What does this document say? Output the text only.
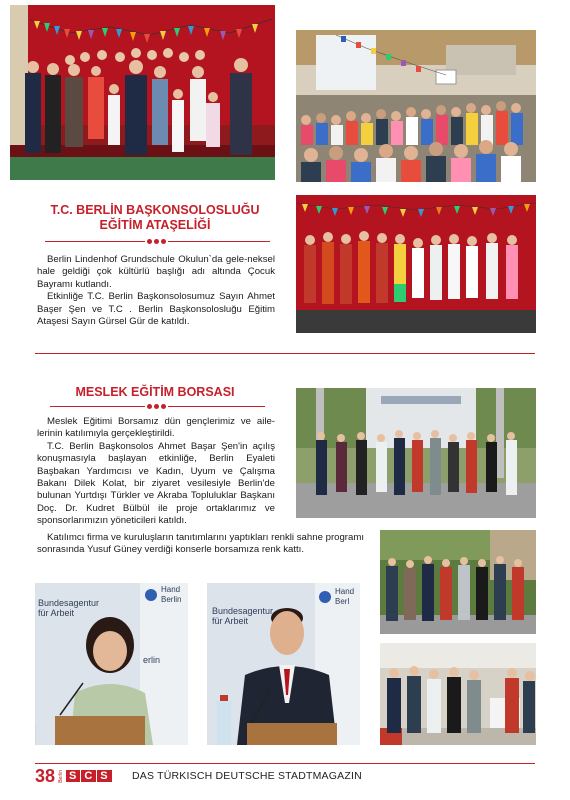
T.C. BERLİN BAŞKONSOLOSLUĞU
EĞİTİM ATAŞELİĞİ

Berlin Lindenhof Grundschule Okulun`da gele-neksel hale geldiği çok kültürlü başlığı adı altında Çocuk Bayramı kutlandı.

Etkinliğe T.C. Berlin Başkonsolosumuz Sayın Ahmet Başer Şen ve T.C . Berlin Başkonsolosluğu Eğitim Ataşesi Sayın Gürsel Gür de katıldı.

MESLEK EĞİTİM BORSASI

Meslek Eğitimi Borsamız dün gençlerimiz ve aile-lerinin katılımıyla gerçekleştirildi.

T.C. Berlin Başkonsolos Ahmet Başar Şen'in açılış konuşmasıyla başlayan etkinliğe, Berlin Eyaleti Başbakan Yardımcısı ve Kadın, Uyum ve Çalışma Bakanı Dilek Kolat, bir ziyaret vesilesiyle Berlin'de bulunan Yurtdışı Türkler ve Akraba Topluluklar Başkanı Doç. Dr. Kudret Bülbül ile proje ortaklarımız ve sponsorlarımızın yöneticileri katıldı.

Katılımcı firma ve kuruluşların tanıtımlarını yaptıkları renkli sahne programı sonrasında Yusuf Güney verdiği konserle borsamıza renk kattı.

Bundesagentur
für Arbeit
Hand
Berlin
erlin
Bundesagentur
für Arbeit
Hand
Berl
38 Berlin S C S DAS TÜRKISCH DEUTSCHE STADTMAGAZIN
